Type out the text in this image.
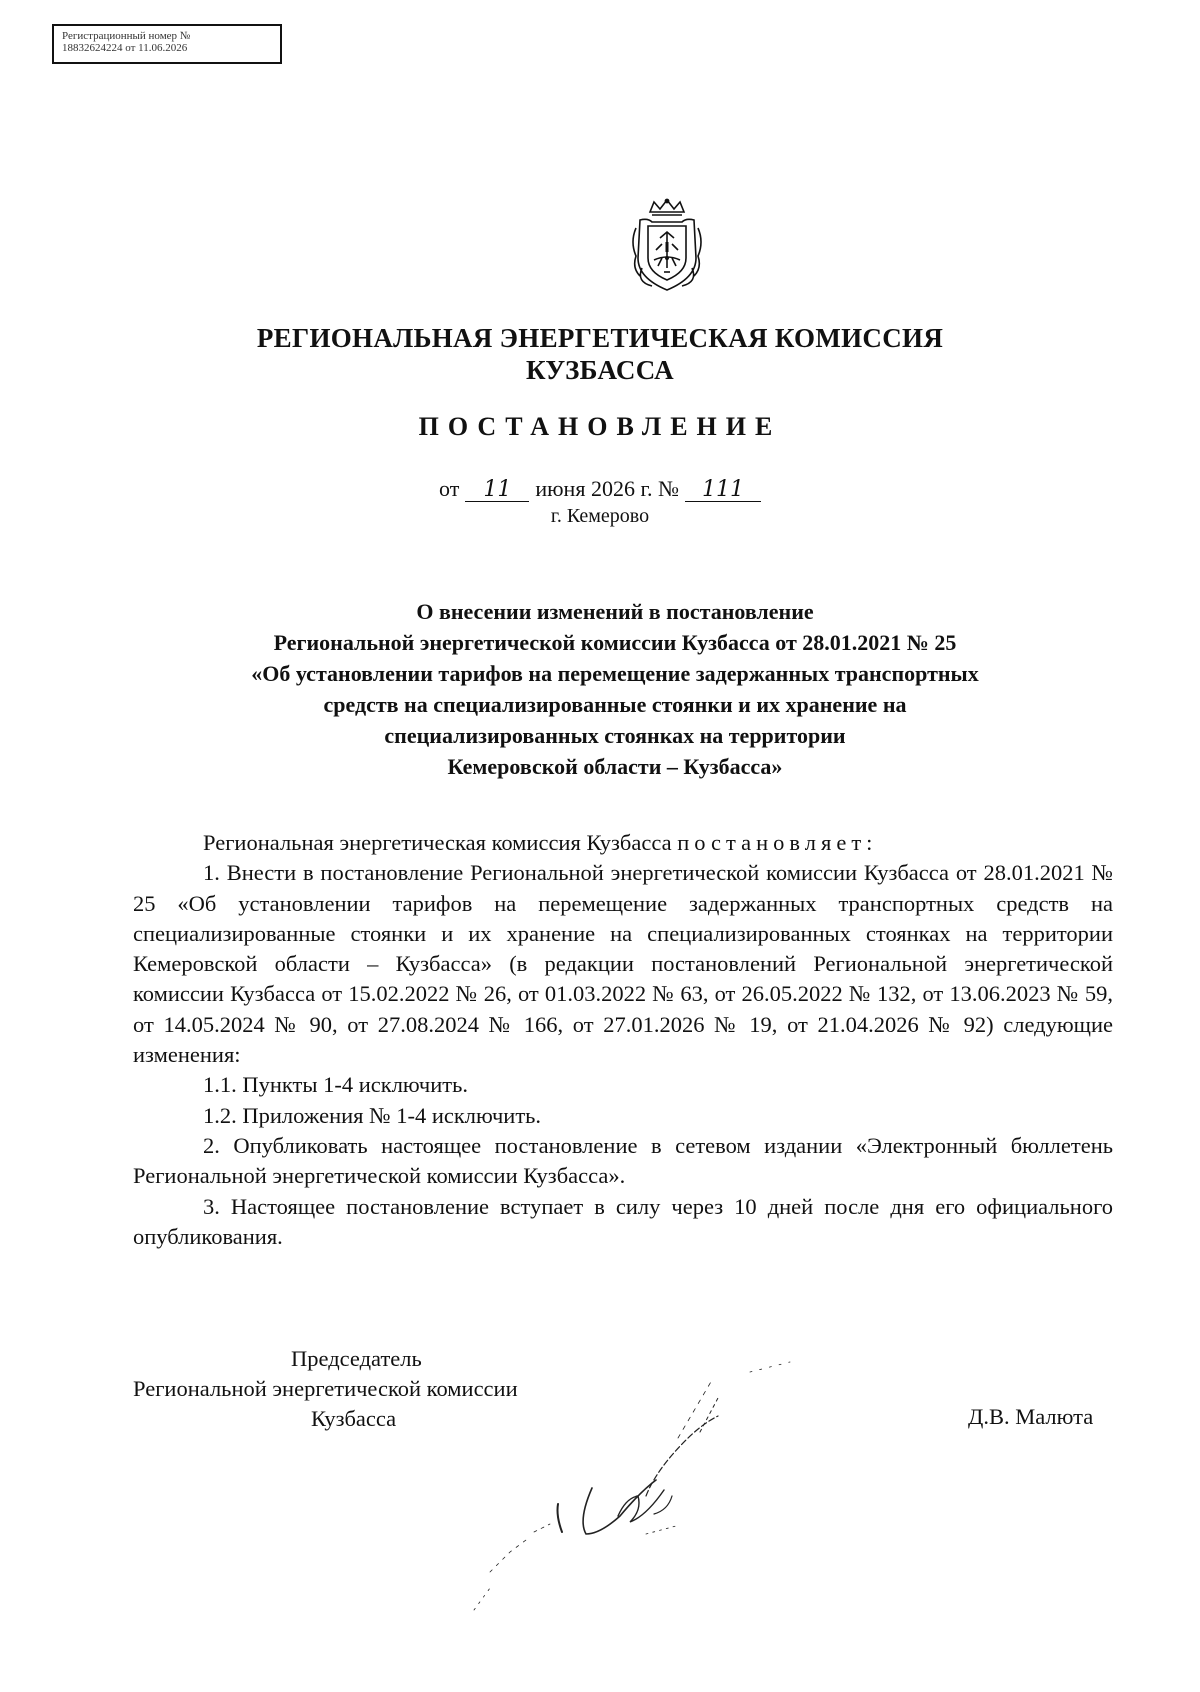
Регистрационный номер №
18832624224 от 11.06.2026
РЕГИОНАЛЬНАЯ ЭНЕРГЕТИЧЕСКАЯ КОМИССИЯ
КУЗБАССА
ПОСТАНОВЛЕНИЕ
от 11 июня 2026 г. № 111
г. Кемерово
О внесении изменений в постановление
Региональной энергетической комиссии Кузбасса от 28.01.2021 № 25
«Об установлении тарифов на перемещение задержанных транспортных
средств на специализированные стоянки и их хранение на
специализированных стоянках на территории
Кемеровской области – Кузбасса»

Региональная энергетическая комиссия Кузбасса постановляет:

1. Внести в постановление Региональной энергетической комиссии Кузбасса от 28.01.2021 № 25 «Об установлении тарифов на перемещение задержанных транспортных средств на специализированные стоянки и их хранение на специализированных стоянках на территории Кемеровской области – Кузбасса» (в редакции постановлений Региональной энергетической комиссии Кузбасса от 15.02.2022 № 26, от 01.03.2022 № 63, от 26.05.2022 № 132, от 13.06.2023 № 59, от 14.05.2024 № 90, от 27.08.2024 № 166, от 27.01.2026 № 19, от 21.04.2026 № 92) следующие изменения:

1.1. Пункты 1-4 исключить.

1.2. Приложения № 1-4 исключить.

2. Опубликовать настоящее постановление в сетевом издании «Электронный бюллетень Региональной энергетической комиссии Кузбасса».

3. Настоящее постановление вступает в силу через 10 дней после дня его официального опубликования.

Председатель
Региональной энергетической комиссии
Кузбасса	Д.В. Малюта
